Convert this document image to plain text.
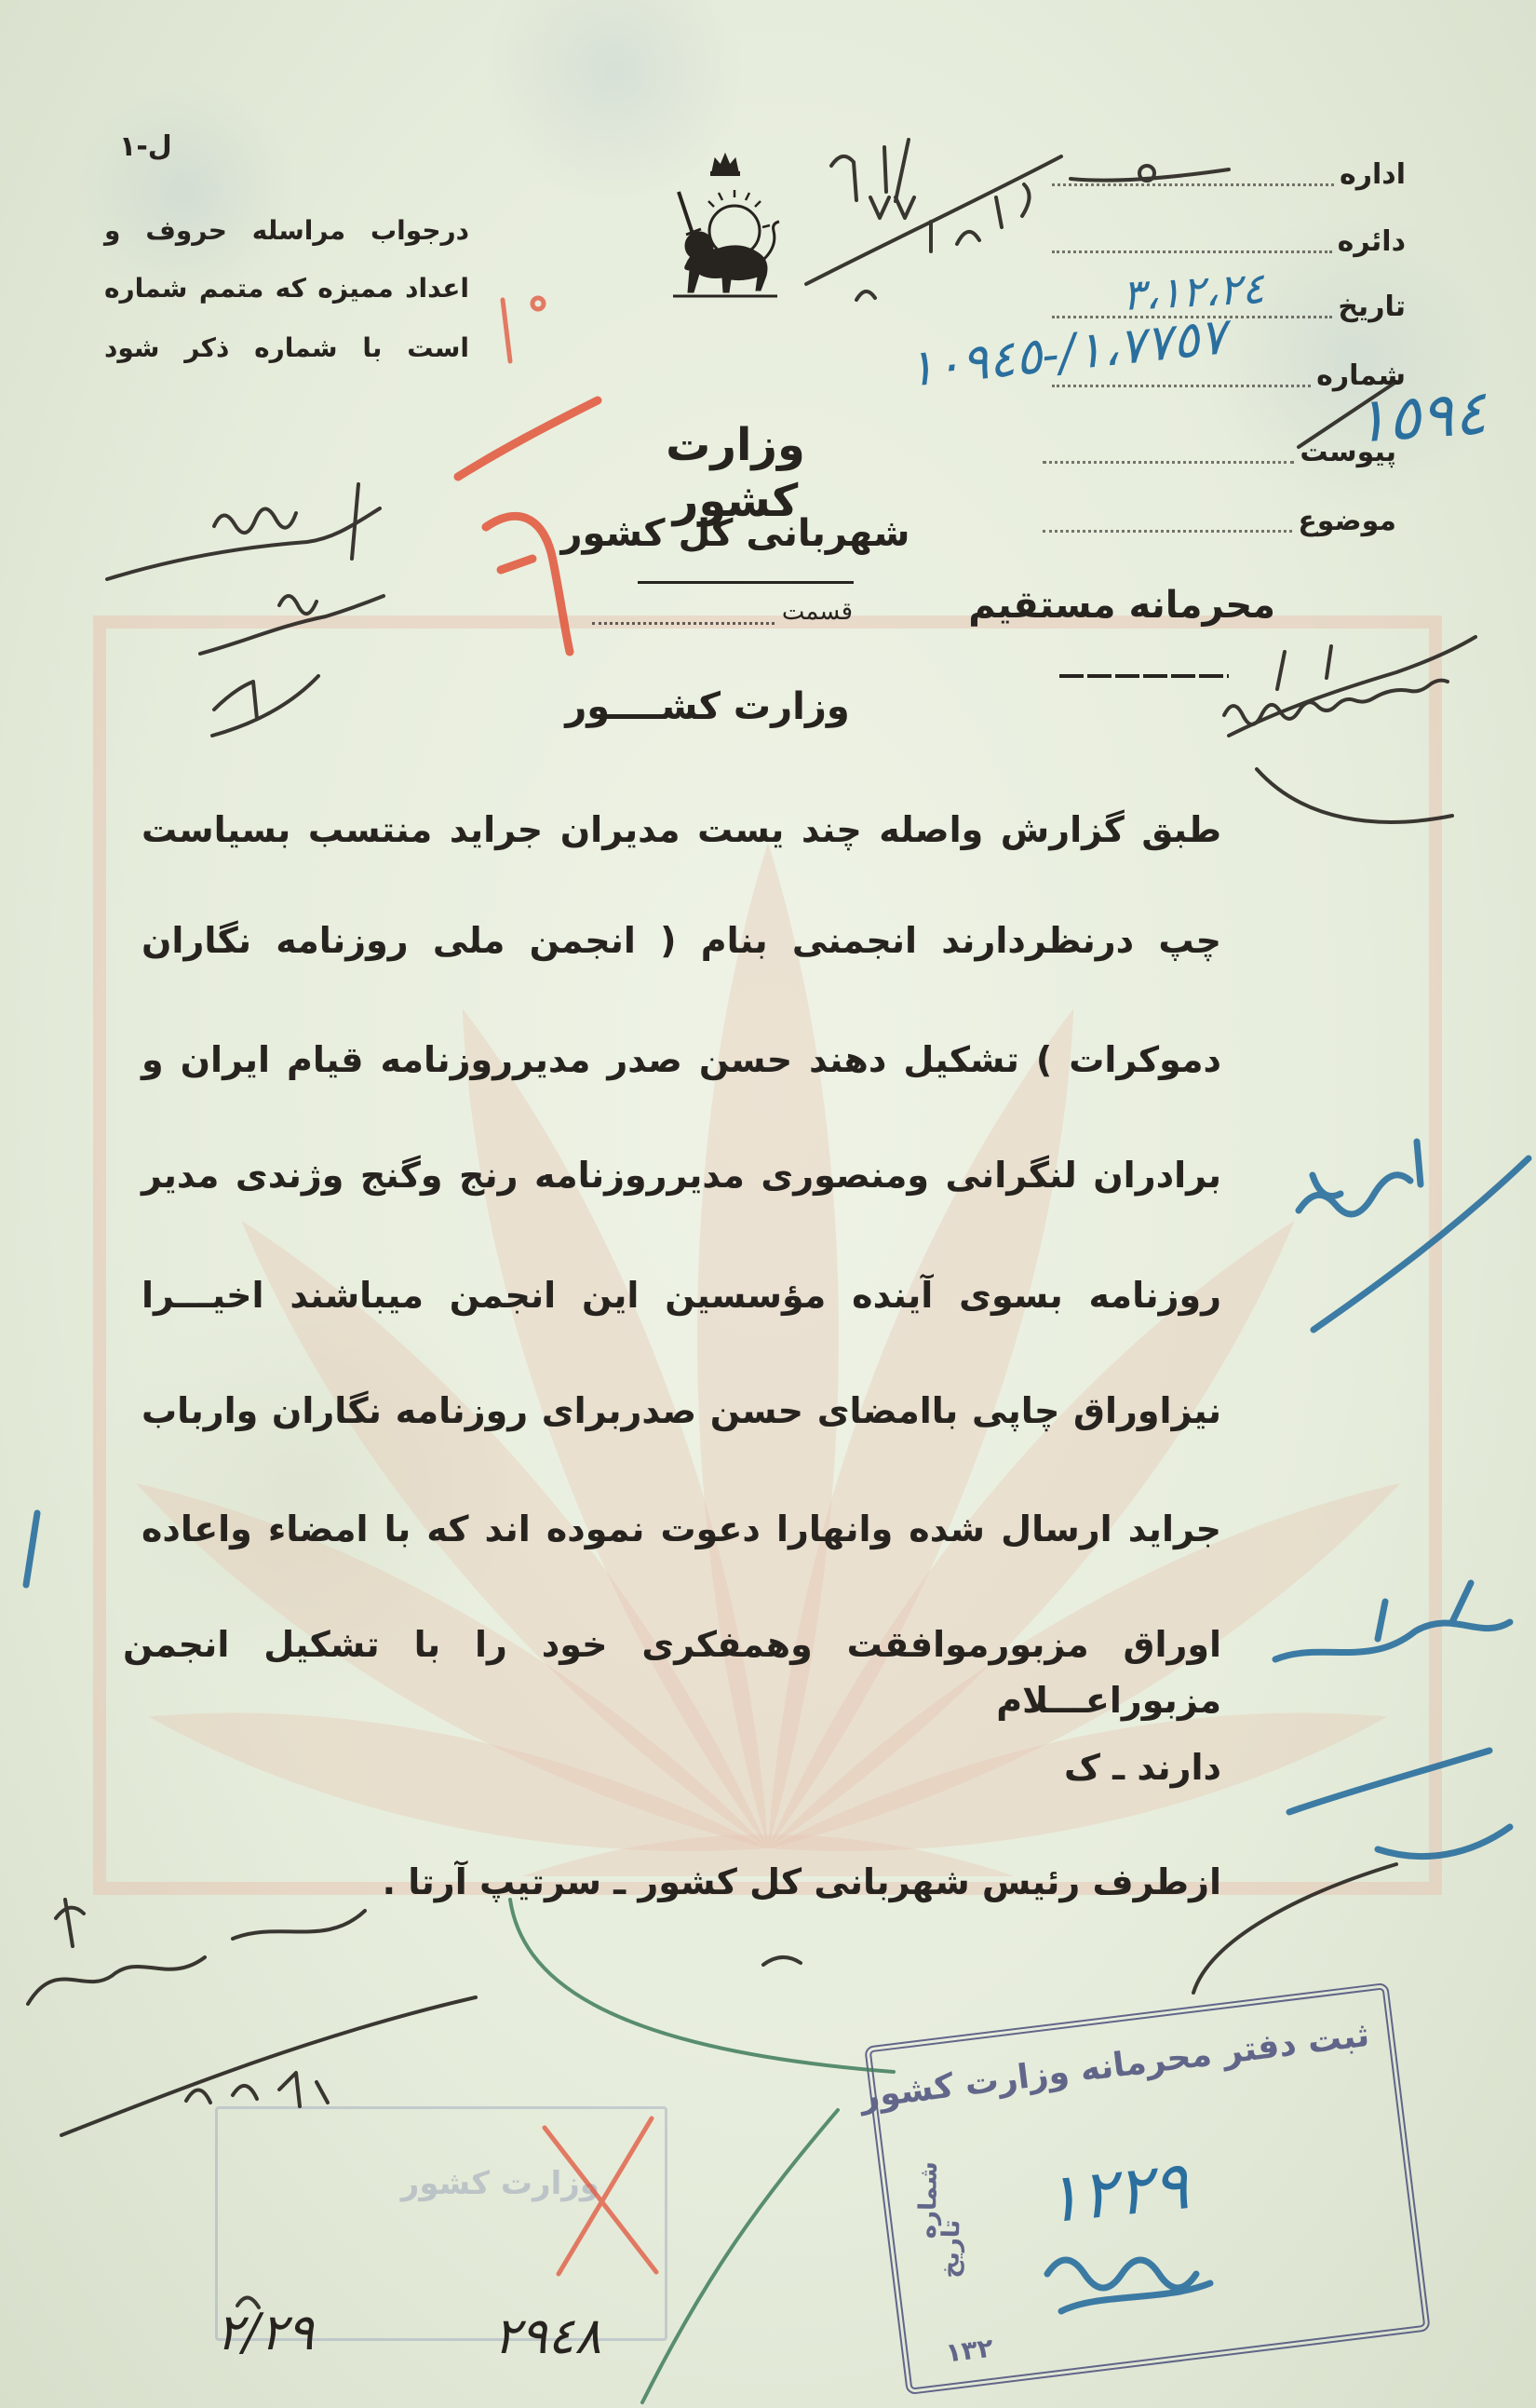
ل-١
درجواب مراسله حروف و
اعداد ممیزه که متمم شماره
است با شماره ذکر شود
وزارت کشور
شهربانی کل کشور
قسمت
اداره
دائره
تاریخ
شماره
پیوست
موضوع
٣،١٢،٢٤
١،٧٧٥٧/-١٠٩٤٥
١٥٩٤
محرمانه مستقیم
وزارت کشــــور
طبق گزارش واصله چند یست مدیران جراید منتسب بسیاست
چپ درنظردارند انجمنی بنام ( انجمن ملی روزنامه نگاران
دموکرات ) تشکیل دهند حسن صدر مدیرروزنامه قیام ایران و
برادران لنگرانی ومنصوری مدیرروزنامه رنج وگنج وژندی مدیر
روزنامه بسوی آینده مؤسسین این انجمن میباشند اخیـــرا
نیزاوراق چاپی باامضای حسن صدربرای روزنامه نگاران وارباب
جراید ارسال شده وانهارا دعوت نموده اند که با امضاء واعاده
اوراق مزبورموافقت وهمفکری خود را با تشکیل انجمن مزبوراعـــلام
دارند ـ ک
ازطرف رئیس شهربانی کل کشور ـ سرتیپ آرتا .
وزارت کشور
ثبت دفتر محرمانه وزارت کشور
شماره
تاریخ
١٣٢
١٢٢٩
٢/٢٩	٢٩٤٨
